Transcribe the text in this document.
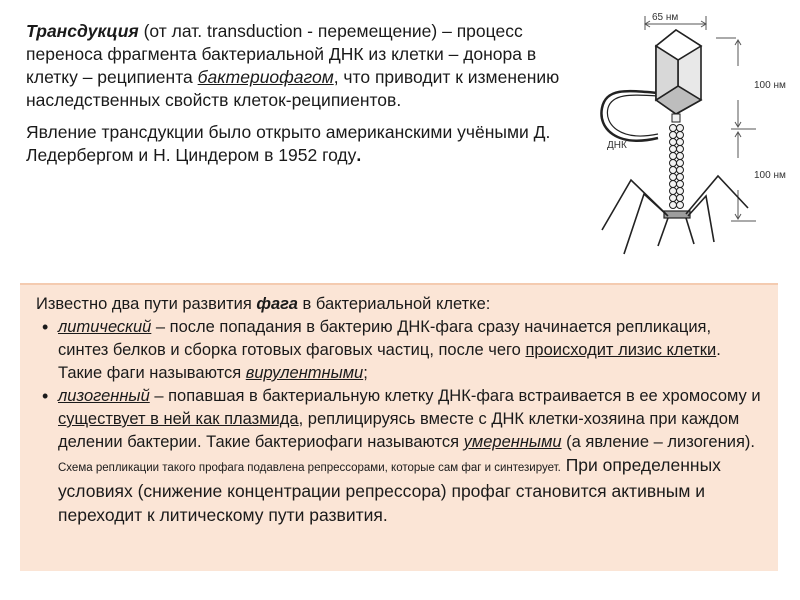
Трансдукция (от лат. transduction - перемещение) – процесс переноса фрагмента бактериальной ДНК из клетки – донора в клетку – реципиента бактериофагом, что приводит к изменению наследственных свойств клеток-реципиентов.

Явление трансдукции было открыто американскими учёными Д. Ледербергом и Н. Циндером в 1952 году.

65 нм
100 нм
100 нм
ДНК

Известно два пути развития фага в бактериальной клетке:

• литический – после попадания в бактерию ДНК-фага сразу начинается репликация, синтез белков и сборка готовых фаговых частиц, после чего происходит лизис клетки. Такие фаги называются вирулентными;
• лизогенный – попавшая в бактериальную клетку ДНК-фага встраивается в ее хромосому и существует в ней как плазмида, реплицируясь вместе с ДНК клетки-хозяина при каждом делении бактерии. Такие бактериофаги называются умеренными (а явление – лизогения). Схема репликации такого профага подавлена репрессорами, которые сам фаг и синтезирует. При определенных условиях (снижение концентрации репрессора) профаг становится активным и переходит к литическому пути развития.
